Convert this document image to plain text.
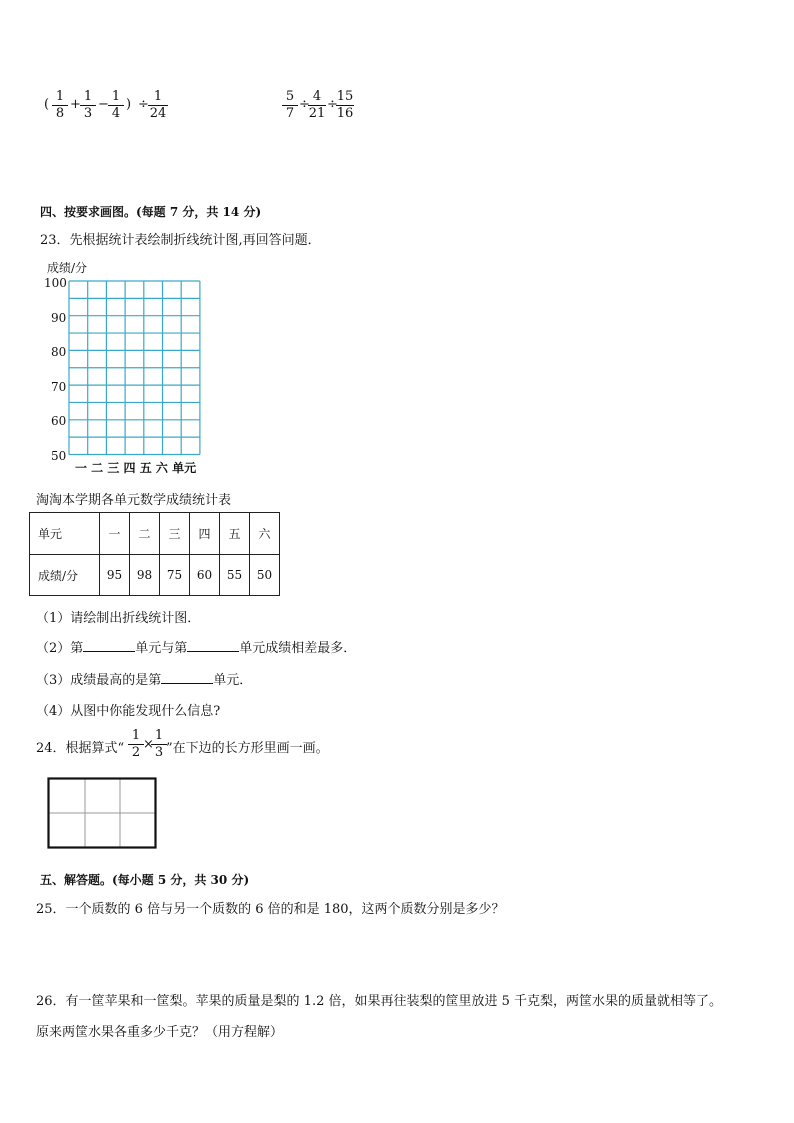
(
1
8
+
1
3
−
1
4
) ÷
1
24
5
7
÷
4
21
÷
15
16
四、按要求画图。(每题 7 分，共 14 分)
23．先根据统计表绘制折线统计图,再回答问题．
成绩/分
100
90
80
70
60
50
一 二 三 四 五 六 单元
淘淘本学期各单元数学成绩统计表
单元	一	二	三	四	五	六
成绩/分	95	98	75	60	55	50
（1）请绘制出折线统计图．
（2）第	单元与第	单元成绩相差最多．
（3）成绩最高的是第	单元．
（4）从图中你能发现什么信息?
24．根据算式“
1
2
×
1
3 ”在下边的长方形里画一画。
五、解答题。(每小题 5 分，共 30 分)
25．一个质数的 6 倍与另一个质数的 6 倍的和是 180，这两个质数分别是多少？
26．有一筐苹果和一筐梨。苹果的质量是梨的 1.2 倍，如果再往装梨的筐里放进 5 千克梨，两筐水果的质量就相等了。
原来两筐水果各重多少千克？（用方程解）
